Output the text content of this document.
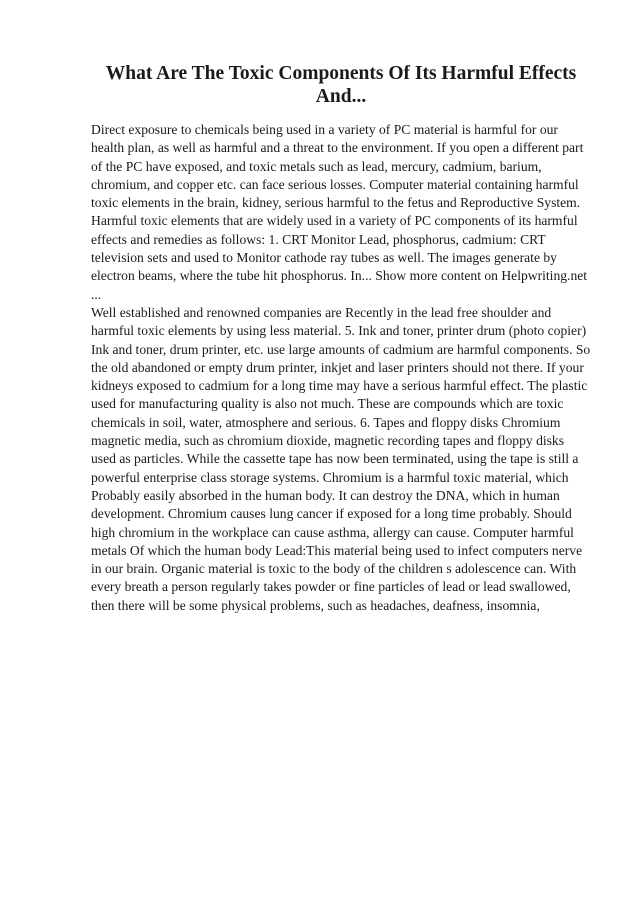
What Are The Toxic Components Of Its Harmful Effects And...

Direct exposure to chemicals being used in a variety of PC material is harmful for our health plan, as well as harmful and a threat to the environment. If you open a different part of the PC have exposed, and toxic metals such as lead, mercury, cadmium, barium, chromium, and copper etc. can face serious losses. Computer material containing harmful toxic elements in the brain, kidney, serious harmful to the fetus and Reproductive System. Harmful toxic elements that are widely used in a variety of PC components of its harmful effects and remedies as follows: 1. CRT Monitor Lead, phosphorus, cadmium: CRT television sets and used to Monitor cathode ray tubes as well. The images generate by electron beams, where the tube hit phosphorus. In... Show more content on Helpwriting.net ...

Well established and renowned companies are Recently in the lead free shoulder and harmful toxic elements by using less material. 5. Ink and toner, printer drum (photo copier) Ink and toner, drum printer, etc. use large amounts of cadmium are harmful components. So the old abandoned or empty drum printer, inkjet and laser printers should not there. If your kidneys exposed to cadmium for a long time may have a serious harmful effect. The plastic used for manufacturing quality is also not much. These are compounds which are toxic chemicals in soil, water, atmosphere and serious. 6. Tapes and floppy disks Chromium magnetic media, such as chromium dioxide, magnetic recording tapes and floppy disks used as particles. While the cassette tape has now been terminated, using the tape is still a powerful enterprise class storage systems. Chromium is a harmful toxic material, which Probably easily absorbed in the human body. It can destroy the DNA, which in human development. Chromium causes lung cancer if exposed for a long time probably. Should high chromium in the workplace can cause asthma, allergy can cause. Computer harmful metals Of which the human body Lead:This material being used to infect computers nerve in our brain. Organic material is toxic to the body of the children s adolescence can. With every breath a person regularly takes powder or fine particles of lead or lead swallowed, then there will be some physical problems, such as headaches, deafness, insomnia,
